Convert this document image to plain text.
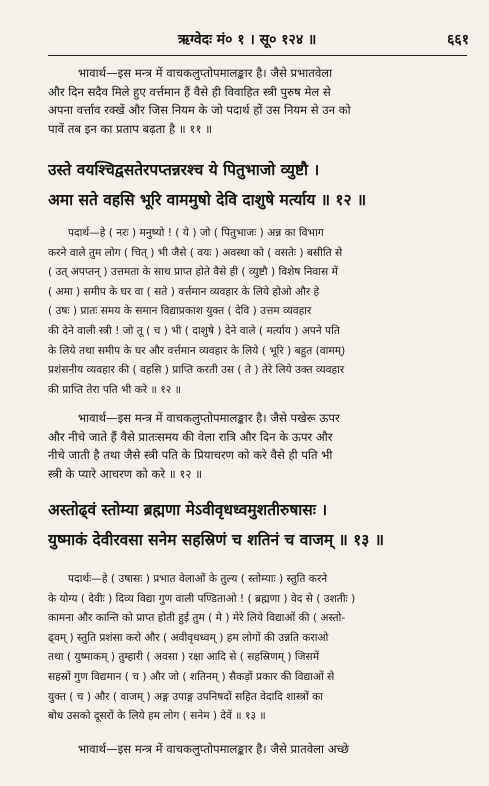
ऋग्वेदः मं० १ । सू० १२४ ॥	६६१
भावार्थ—इस मन्त्र में वाचकलुप्तोपमालङ्कार है। जैसे प्रभातवेला
और दिन सदैव मिले हुए वर्त्तमान हैं वैसे ही विवाहित स्त्री पुरुष मेल से
अपना वर्त्ताव रक्खें और जिस नियम के जो पदार्थ हों उस नियम से उन को
पावें तब इन का प्रताप बढ़ता है ॥ ११ ॥
उस्ते वयश्चिद्वसतेरपप्तन्नरश्च ये पितुभाजो व्युष्टौ ।
अमा सते वहसि भूरि वाममुषो देवि दाशुषे मर्त्याय ॥ १२ ॥
पदार्थ—हे ( नरः ) मनुष्यो ! ( ये ) जो ( पितुभाजः ) अन्न का विभाग
करने वाले तुम लोग ( चित् ) भी जैसे ( वयः ) अवस्था को ( वसतेः ) बसीति से
( उत् अपप्तन् ) उत्तमता के साथ प्राप्त होते वैसे ही ( व्युष्टौ ) विशेष निवास में
( अमा ) समीप के घर वा ( सते ) वर्त्तमान व्यवहार के लिये होओ और हे
( उषः ) प्रातः समय के समान विद्याप्रकाश युक्त ( देवि ) उत्तम व्यवहार
की देने वाली स्त्री ! जो तू ( च ) भी ( दाशुषे ) देने वाले ( मर्त्याय ) अपने पति
के लिये तथा समीप के घर और वर्त्तमान व्यवहार के लिये ( भूरि ) बहुत (वामम्)
प्रशंसनीय व्यवहार की ( वहसि ) प्राप्ति करती उस ( ते ) तेरे लिये उक्त व्यवहार
की प्राप्ति तेरा पति भी करे ॥ १२ ॥
भावार्थ—इस मन्त्र में वाचकलुप्तोपमालङ्कार है। जैसे पखेरू ऊपर
और नीचे जाते हैं वैसे प्रातःसमय की वेला रात्रि और दिन के ऊपर और
नीचे जाती है तथा जैसे स्त्री पति के प्रियाचरण को करे वैसे ही पति भी
स्त्री के प्यारे आचरण को करे ॥ १२ ॥
अस्तोढ्वं स्तोम्या ब्रह्मणा मेऽवीवृधध्वमुशतीरुषासः ।
युष्माकं देवीरवसा सनेम सहस्रिणं च शतिनं च वाजम् ॥ १३ ॥
पदार्थः—हे ( उषासः ) प्रभात वेलाओं के तुल्य ( स्तोम्याः ) स्तुति करने
के योग्य ( देवीः ) दिव्य विद्या गुण वाली पण्डिताओ ! ( ब्रह्मणा ) वेद से ( उशतीः )
कामना और कान्ति को प्राप्त होती हुई तुम ( मे ) मेरे लिये विद्याओं की ( अस्तो-
ढ्वम् ) स्तुति प्रशंसा करो और ( अवीवृधध्वम् ) हम लोगों की उन्नति कराओ
तथा ( युष्माकम् ) तुम्हारी ( अवसा ) रक्षा आदि से ( सहस्रिणम् ) जिसमें
सहस्रों गुण विद्यमान ( च ) और जो ( शतिनम् ) सैकड़ों प्रकार की विद्याओं से
युक्त ( च ) और ( वाजम् ) अङ्ग उपाङ्ग उपनिषदों सहित वेदादि शास्त्रों का
बोध उसको दूसरों के लिये हम लोग ( सनेम ) देवें ॥ १३ ॥
भावार्थ—इस मन्त्र में वाचकलुप्तोपमालङ्कार है। जैसे प्रातवेला अच्छे
